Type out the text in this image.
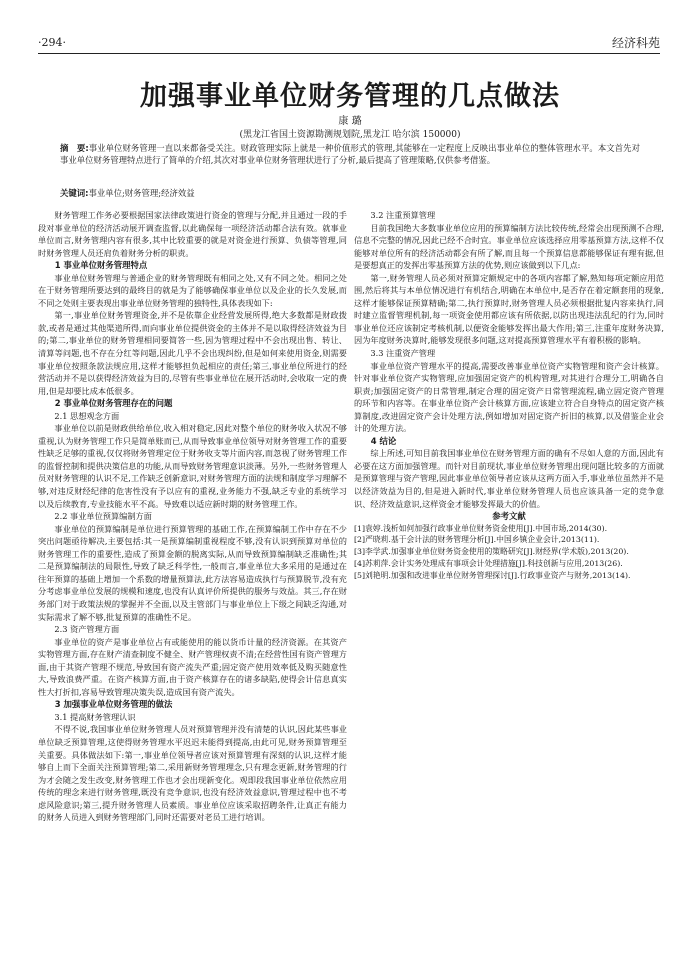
·294·	经济科苑
加强事业单位财务管理的几点做法
康 璐
(黑龙江省国土资源勘测规划院,黑龙江 哈尔滨 150000)
摘　要:事业单位财务管理一直以来都备受关注。财政管理实际上就是一种价值形式的管理,其能够在一定程度上反映出事业单位的整体管理水平。本文首先对事业单位财务管理特点进行了简单的介绍,其次对事业单位财务管理状进行了分析,最后提高了管理策略,仅供参考借鉴。
关键词:事业单位;财务管理;经济效益

财务管理工作务必要根据国家法律政策进行资金的管理与分配,并且通过一段的手段对事业单位的经济活动展开调查监督,以此确保每一项经济活动都合法有效。就事业单位而言,财务管理内容有很多,其中比较重要的就是对资金进行预算、负债等管理,同时财务管理人员还肩负着财务分析的职责。

1 事业单位财务管理特点

事业单位财务管理与普通企业的财务管理既有相同之处,又有不同之处。相同之处在于财务管理所要达到的最终目的就是为了能够确保事业单位以及企业的长久发展,而不同之处则主要表现出事业单位财务管理的独特性,具体表现如下:

第一,事业单位财务管理资金,并不是依靠企业经营发展所得,绝大多数都是财政拨款,或者是通过其他渠道所得,而向事业单位提供资金的主体并不是以取得经济效益为目的;第二,事业单位的财务管理相同要简答一些,因为管理过程中不会出现出售、转让、清算等问题,也不存在分红等问题,因此几乎不会出现纠纷,但是如何来使用资金,则需要事业单位按照条款法规应用,这样才能够担负起相应的责任;第三,事业单位所进行的经营活动并不是以获得经济效益为目的,尽管有些事业单位在展开活动时,会收取一定的费用,但是却要比成本低很多。

2 事业单位财务管理存在的问题
2.1 思想观念方面

事业单位以前是财政供给单位,收入相对稳定,因此对整个单位的财务收入状况不够重视,认为财务管理工作只是简单账而已,从而导致事业单位领导对财务管理工作的重要性缺乏足够的重视,仅仅将财务管理定位于财务收支等片面内容,而忽视了财务管理工作的监督控制和提供决策信息的功能,从而导致财务管理意识淡薄。另外,一些财务管理人员对财务管理的认识不足,工作缺乏创新意识,对财务管理方面的法规和制度学习理解不够,对违反财经纪律的危害性没有予以应有的重视,业务能力不强,缺乏专业的系统学习以及后续教育,专业技能水平不高。导致难以适应新时期的财务管理工作。

2.2 事业单位预算编制方面

事业单位的预算编制是单位进行预算管理的基础工作,在预算编制工作中存在不少突出问题亟待解决,主要包括:其一是预算编制重视程度不够,没有认识到预算对单位的财务管理工作的重要性,造成了预算金额的脱离实际,从而导致预算编制缺乏准确性;其二是预算编制法的局限性,导致了缺乏科学性,一般而言,事业单位大多采用的是通过在往年预算的基础上增加一个系数的增量预算法,此方法容易造成执行与预算脱节,没有充分考虑事业单位发展的规模和速度,也没有认真评价所提供的服务与效益。其三,存在财务部门对于政策法规的掌握并不全面,以及主管部门与事业单位上下级之间缺乏沟通,对实际需求了解不够,批复预算的准确性不足。

2.3 资产管理方面

事业单位的资产是事业单位占有或能使用的能以货币计量的经济资源。在其资产实物管理方面,存在财产清查制度不健全、财产管理权责不清;在经营性国有资产管理方面,由于其资产管理不规范,导致国有资产流失严重;固定资产使用效率低及购买随意性大,导致浪费严重。在资产核算方面,由于资产核算存在的诸多缺陷,使得会计信息真实性大打折扣,容易导致管理决策失误,造成国有资产流失。

3 加强事业单位财务管理的做法
3.1 提高财务管理认识

不得不说,我国事业单位财务管理人员对预算管理并没有清楚的认识,因此某些事业单位缺乏预算管理,这使得财务管理水平迟迟未能得到提高,由此可见,财务预算管理至关重要。具体做法如下:第一,事业单位领导者应该对预算管理有深刻的认识,这样才能够自上而下全面关注预算管理;第二,采用新财务管理理念,只有理念更新,财务管理的行为才会随之发生改变,财务管理工作也才会出现新变化。观即段我国事业单位依然应用传统的理念来进行财务管理,既没有竞争意识,也没有经济效益意识,管理过程中也不考虑风险意识;第三,提升财务管理人员素质。事业单位应该采取招聘条件,让真正有能力的财务人员进入到财务管理部门,同时还需要对老员工进行培训。

3.2 注重预算管理

目前我国绝大多数事业单位应用的预算编制方法比较传统,经常会出现预测不合理,信息不完整的情况,因此已经不合时宜。事业单位应该选择应用零基预算方法,这样不仅能够对单位所有的经济活动都会有所了解,而且每一个预算信息都能够保证有理有据,但是要想真正的发挥出零基预算方法的优势,则应该做到以下几点:

第一,财务管理人员必须对预算定额规定中的各项内容都了解,熟知每项定额应用范围,然后将其与本单位情况进行有机结合,明确在本单位中,是否存在着定额套用的现象,这样才能够保证预算精确;第二,执行预算时,财务管理人员必须根据批复内容来执行,同时建立监督管理机制,每一项资金使用都应该有所依据,以防出现违法乱纪的行为,同时事业单位还应该制定考核机制,以便资金能够发挥出最大作用;第三,注重年度财务决算,因为年度财务决算时,能够发现很多问题,这对提高预算管理水平有着积极的影响。

3.3 注重资产管理

事业单位资产管理水平的提高,需要改善事业单位资产实物管理和资产会计核算。针对事业单位资产实物管理,应加强固定资产的机构管理,对其进行合理分工,明确各自职责;加强固定资产的日常管理,制定合理的固定资产日常管理流程,确立固定资产管理的环节和内容等。在事业单位资产会计核算方面,应该建立符合自身特点的固定资产核算制度,改进固定资产会计处理方法,例如增加对固定资产折旧的核算,以及借鉴企业会计的处理方法。

4 结论

综上所述,可知目前我国事业单位在财务管理方面的确有不尽如人意的方面,因此有必要在这方面加强管理。而针对目前现状,事业单位财务管理出现问题比较多的方面就是预算管理与资产管理,因此事业单位领导者应该从这两方面入手,事业单位虽然并不是以经济效益为目的,但是进入新时代,事业单位财务管理人员也应该具备一定的竞争意识、经济效益意识,这样资金才能够发挥最大的价值。

参考文献
[1]袁婷.浅析如何加强行政事业单位财务资金使用[J].中国市场,2014(30).
[2]严晓莉.基于会计法的财务管理分析[J].中国乡镇企业会计,2013(11).
[3]李学武.加强事业单位财务资金使用的策略研究[J].财经界(学术版),2013(20).
[4]苏莉萍.会计实务处理成有事项会计处理措施[J].科技创新与应用,2013(26).
[5]刘艳明.加强和改进事业单位财务管理探讨[J].行政事业资产与财务,2013(14).
